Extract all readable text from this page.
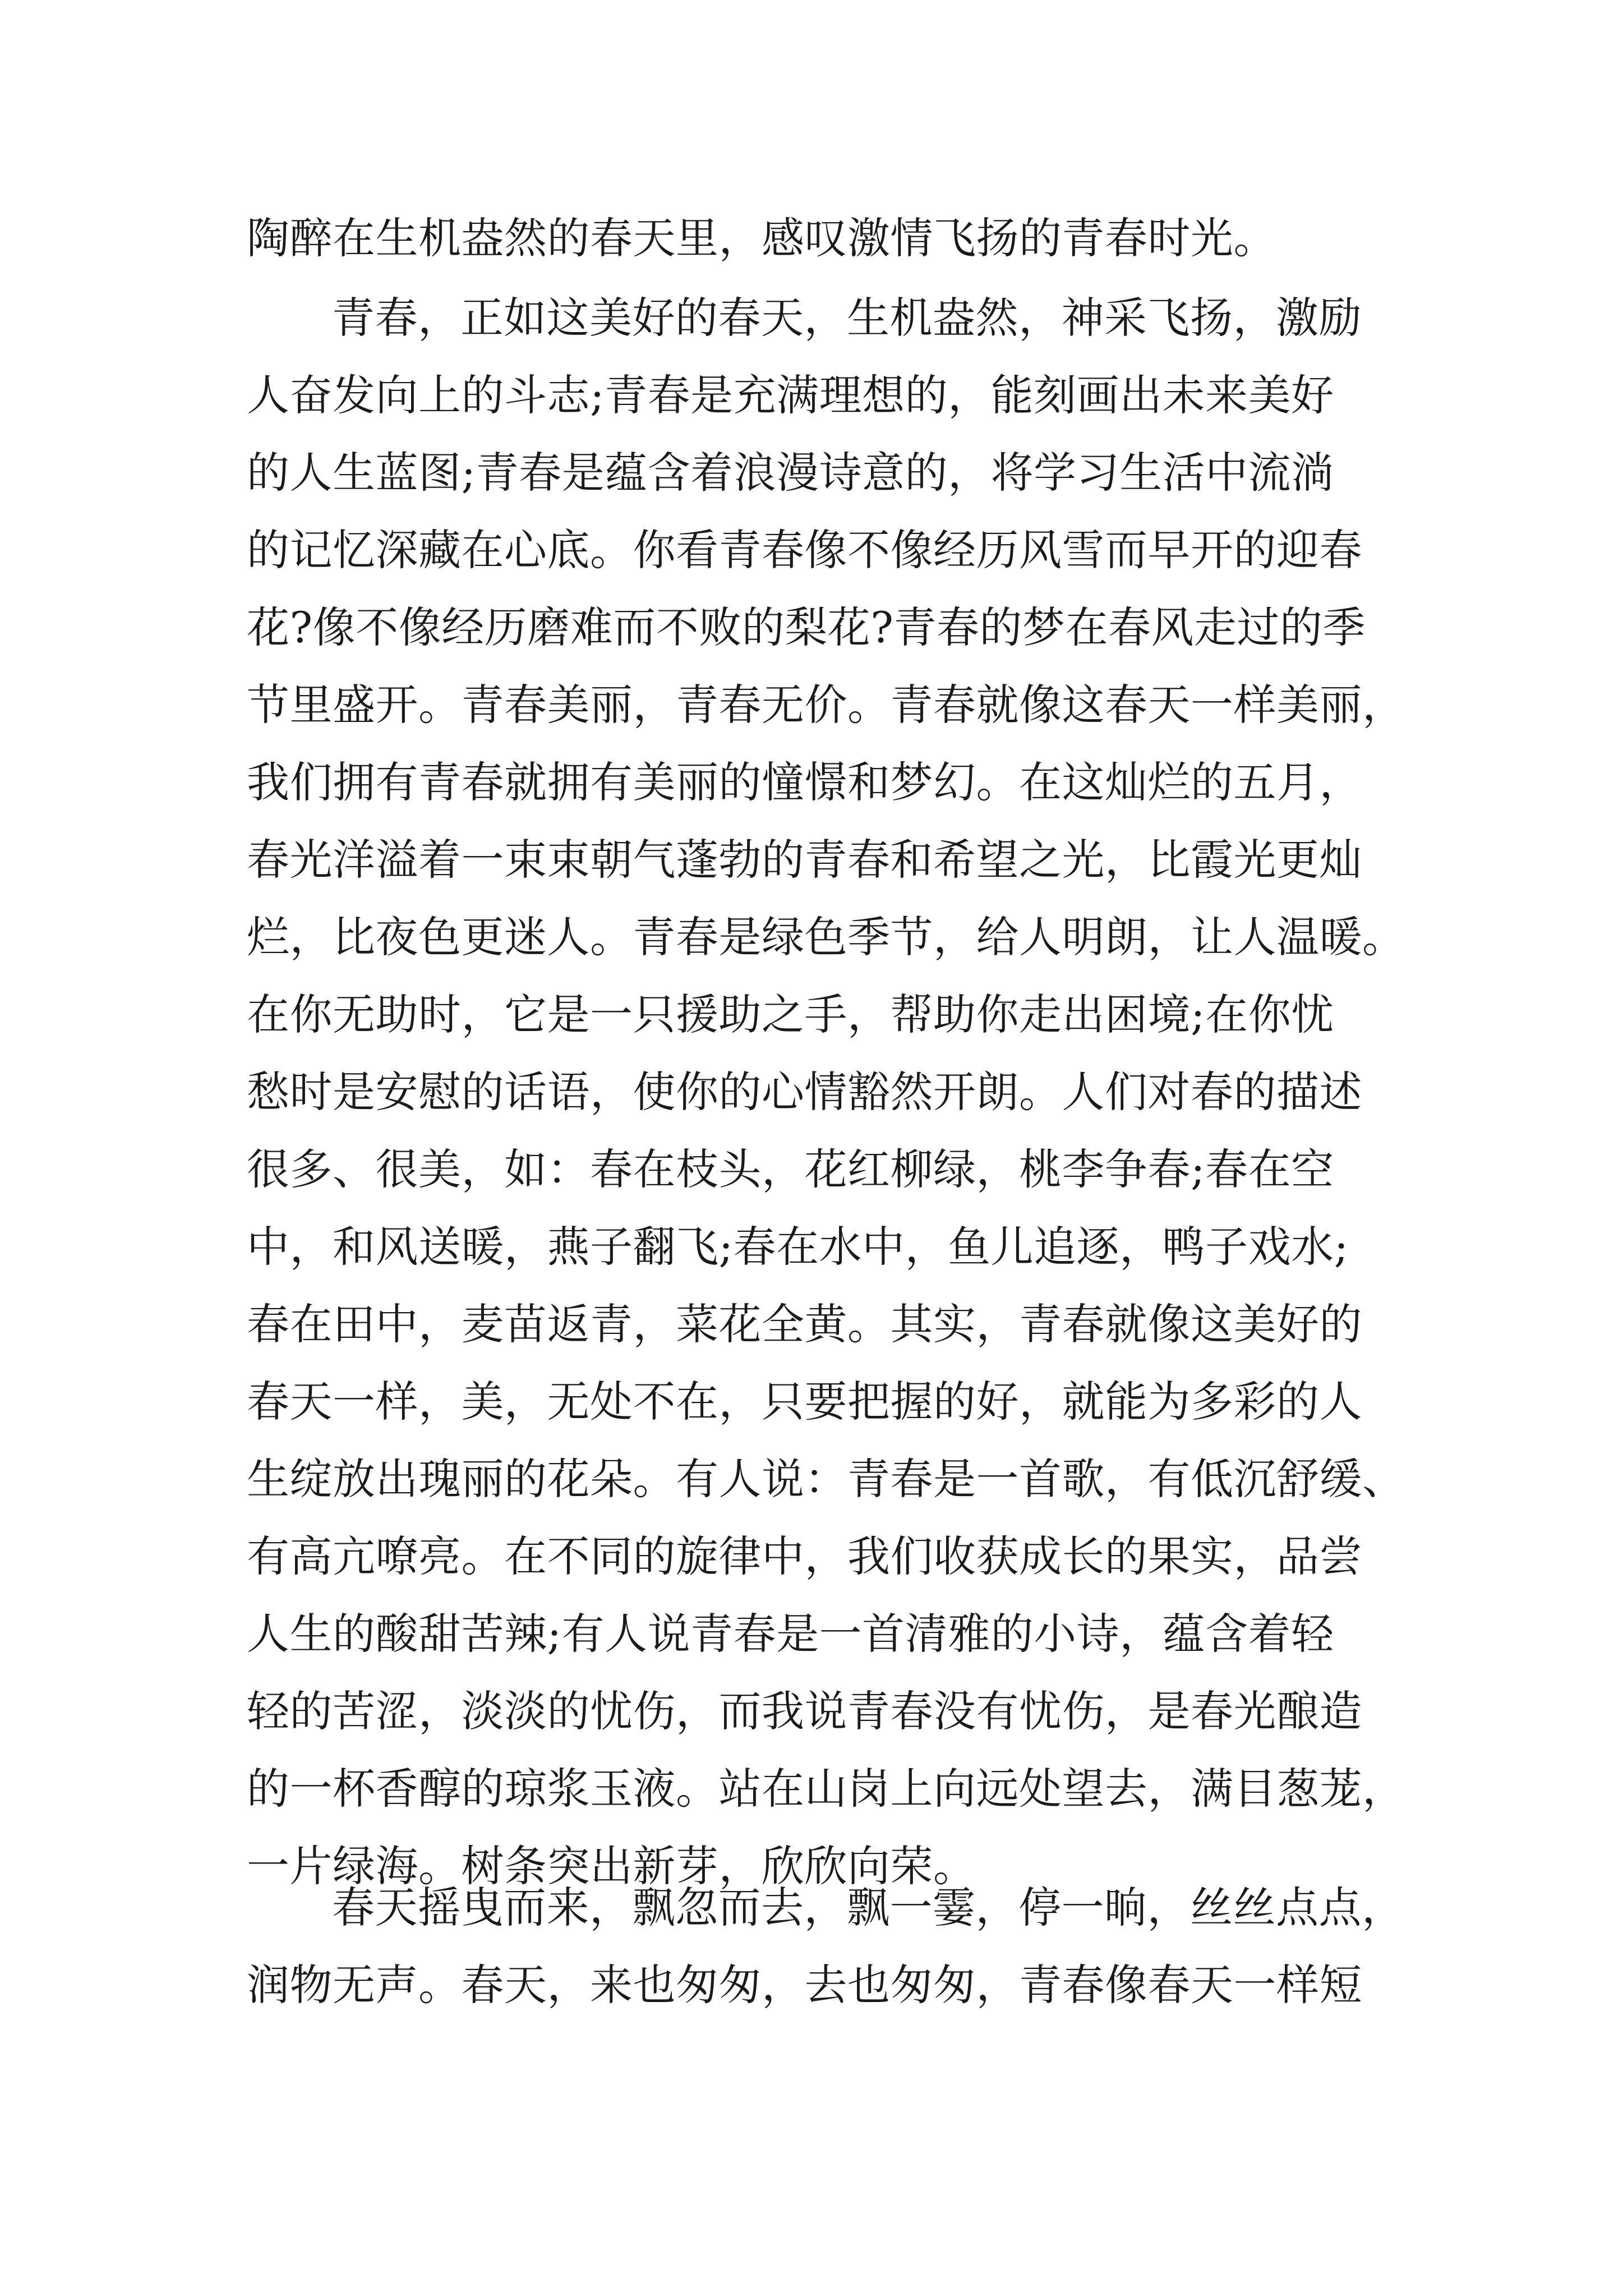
陶醉在生机盎然的春天里，感叹激情飞扬的青春时光。
青春，正如这美好的春天，生机盎然，神采飞扬，激励
人奋发向上的斗志;青春是充满理想的，能刻画出未来美好
的人生蓝图;青春是蕴含着浪漫诗意的，将学习生活中流淌
的记忆深藏在心底。你看青春像不像经历风雪而早开的迎春
花?像不像经历磨难而不败的梨花?青春的梦在春风走过的季
节里盛开。青春美丽，青春无价。青春就像这春天一样美丽，
我们拥有青春就拥有美丽的憧憬和梦幻。在这灿烂的五月，
春光洋溢着一束束朝气蓬勃的青春和希望之光，比霞光更灿
烂，比夜色更迷人。青春是绿色季节，给人明朗，让人温暖。
在你无助时，它是一只援助之手，帮助你走出困境;在你忧
愁时是安慰的话语，使你的心情豁然开朗。人们对春的描述
很多、很美，如：春在枝头，花红柳绿，桃李争春;春在空
中，和风送暖，燕子翻飞;春在水中，鱼儿追逐，鸭子戏水;
春在田中，麦苗返青，菜花全黄。其实，青春就像这美好的
春天一样，美，无处不在，只要把握的好，就能为多彩的人
生绽放出瑰丽的花朵。有人说：青春是一首歌，有低沉舒缓、
有高亢嘹亮。在不同的旋律中，我们收获成长的果实，品尝
人生的酸甜苦辣;有人说青春是一首清雅的小诗，蕴含着轻
轻的苦涩，淡淡的忧伤，而我说青春没有忧伤，是春光酿造
的一杯香醇的琼浆玉液。站在山岗上向远处望去，满目葱茏，
一片绿海。树条突出新芽，欣欣向荣。
春天摇曳而来，飘忽而去，飘一霎，停一晌，丝丝点点，
润物无声。春天，来也匆匆，去也匆匆，青春像春天一样短
